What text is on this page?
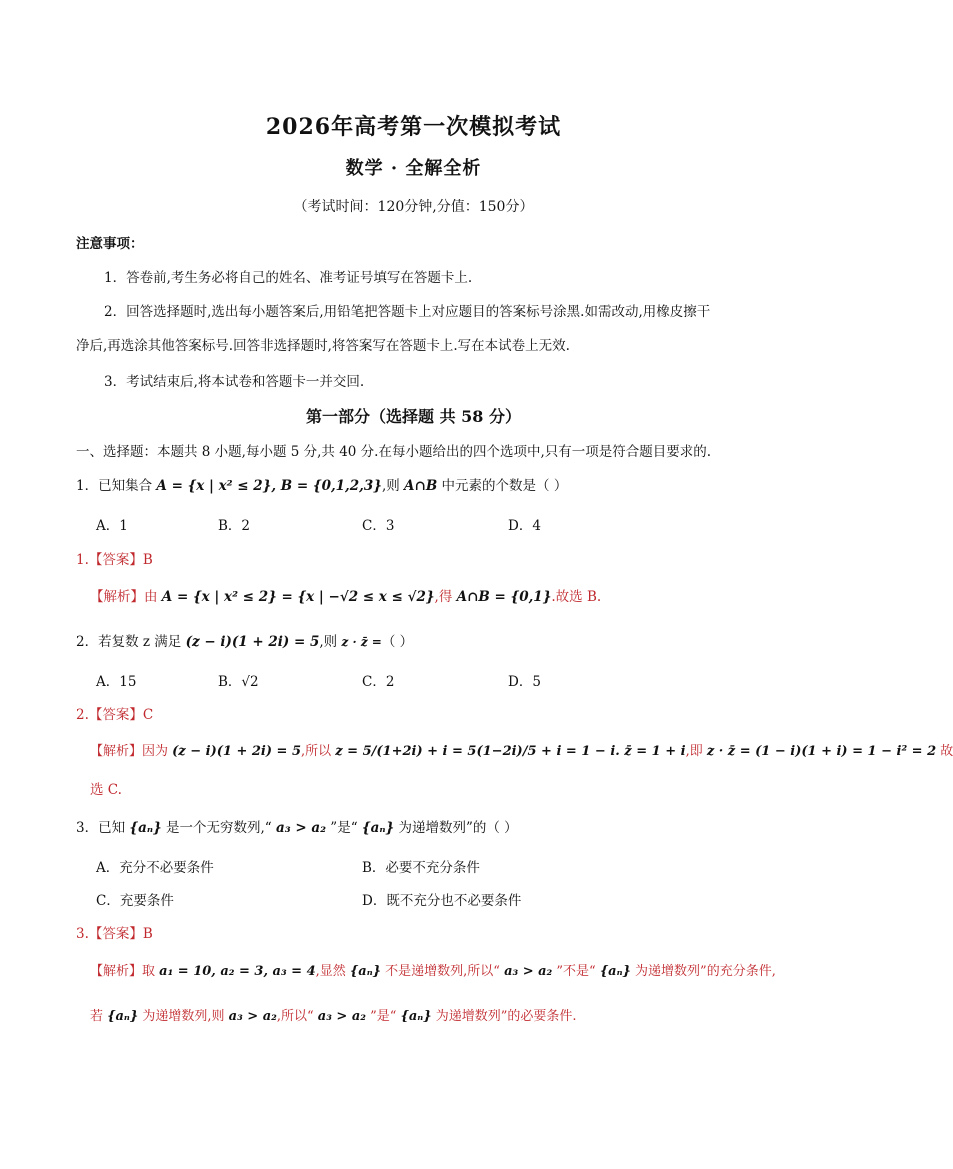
2026年高考第一次模拟考试
数学 · 全解全析
（考试时间：120分钟,分值：150分）
注意事项：
1．答卷前,考生务必将自己的姓名、准考证号填写在答题卡上.
2．回答选择题时,选出每小题答案后,用铅笔把答题卡上对应题目的答案标号涂黑.如需改动,用橡皮擦干
净后,再选涂其他答案标号.回答非选择题时,将答案写在答题卡上.写在本试卷上无效.
3．考试结束后,将本试卷和答题卡一并交回.
第一部分（选择题 共 58 分）
一、选择题：本题共 8 小题,每小题 5 分,共 40 分.在每小题给出的四个选项中,只有一项是符合题目要求的.
1．已知集合 A = {x | x² ≤ 2}, B = {0,1,2,3},则 A∩B 中元素的个数是（ ）
A．1	B．2	C．3	D．4
1.【答案】B
【解析】由 A = {x | x² ≤ 2} = {x | −√2 ≤ x ≤ √2},得 A∩B = {0,1}.故选 B.
2．若复数 z 满足 (z − i)(1 + 2i) = 5,则 z · z̄ =（ ）
A．15	B．√2	C．2	D．5
2.【答案】C
【解析】因为 (z − i)(1 + 2i) = 5,所以 z = 5/(1+2i) + i = 5(1−2i)/5 + i = 1 − i. z̄ = 1 + i,即 z · z̄ = (1 − i)(1 + i) = 1 − i² = 2 故
选 C.
3．已知 {aₙ} 是一个无穷数列,“ a₃ > a₂ ”是“ {aₙ} 为递增数列”的（ ）
A．充分不必要条件	B．必要不充分条件
C．充要条件	D．既不充分也不必要条件
3.【答案】B
【解析】取 a₁ = 10, a₂ = 3, a₃ = 4,显然 {aₙ} 不是递增数列,所以“ a₃ > a₂ ”不是“ {aₙ} 为递增数列”的充分条件,
若 {aₙ} 为递增数列,则 a₃ > a₂,所以“ a₃ > a₂ ”是“ {aₙ} 为递增数列”的必要条件.
